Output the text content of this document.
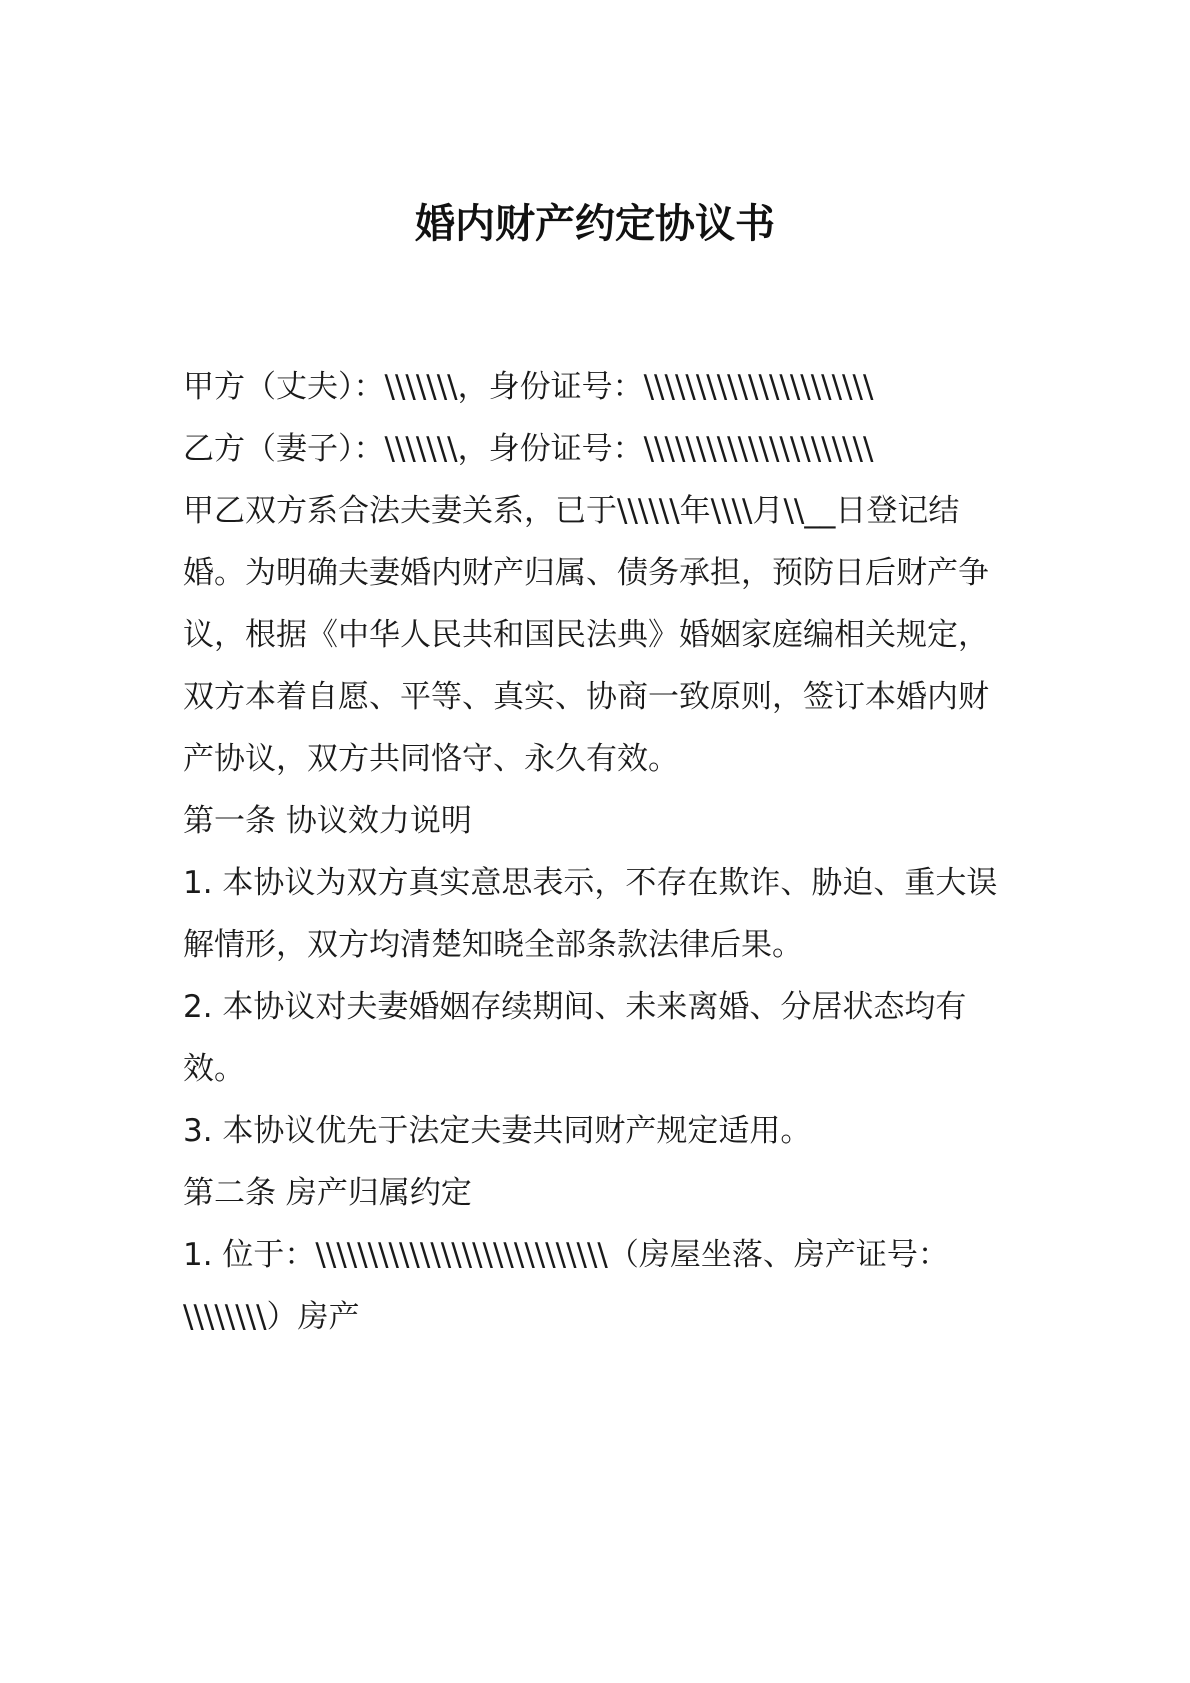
婚内财产约定协议书

甲方（丈夫）：\\\\\\\，身份证号：\\\\\\\\\\\\\\\\\\\\\\

乙方（妻子）：\\\\\\\，身份证号：\\\\\\\\\\\\\\\\\\\\\\

甲乙双方系合法夫妻关系，已于\\\\\\年\\\\月\\__日登记结婚。为明确夫妻婚内财产归属、债务承担，预防日后财产争议，根据《中华人民共和国民法典》婚姻家庭编相关规定，双方本着自愿、平等、真实、协商一致原则，签订本婚内财产协议，双方共同恪守、永久有效。

第一条 协议效力说明

1. 本协议为双方真实意思表示，不存在欺诈、胁迫、重大误解情形，双方均清楚知晓全部条款法律后果。

2. 本协议对夫妻婚姻存续期间、未来离婚、分居状态均有效。

3. 本协议优先于法定夫妻共同财产规定适用。

第二条 房产归属约定

1. 位于：\\\\\\\\\\\\\\\\\\\\\\\\\\\\（房屋坐落、房产证号：\\\\\\\\）房产
